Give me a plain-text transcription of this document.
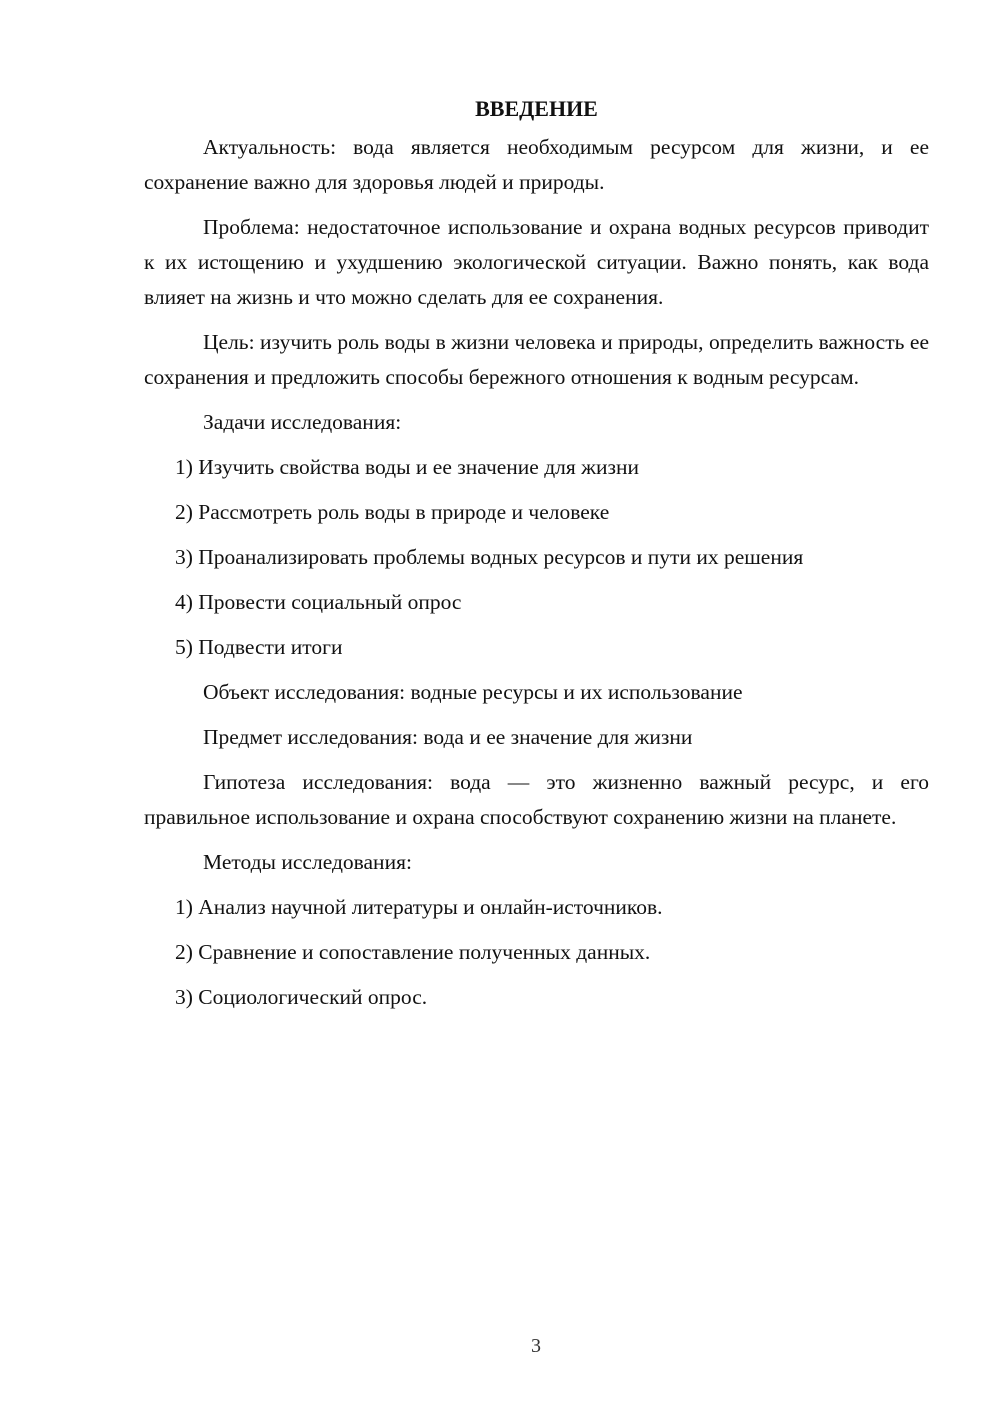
ВВЕДЕНИЕ

Актуальность: вода является необходимым ресурсом для жизни, и ее сохранение важно для здоровья людей и природы.

Проблема: недостаточное использование и охрана водных ресурсов приводит к их истощению и ухудшению экологической ситуации. Важно понять, как вода влияет на жизнь и что можно сделать для ее сохранения.

Цель: изучить роль воды в жизни человека и природы, определить важность ее сохранения и предложить способы бережного отношения к водным ресурсам.

Задачи исследования:
1) Изучить свойства воды и ее значение для жизни
2) Рассмотреть роль воды в природе и человеке
3) Проанализировать проблемы водных ресурсов и пути их решения
4) Провести социальный опрос
5) Подвести итоги
Объект исследования: водные ресурсы и их использование
Предмет исследования: вода и ее значение для жизни

Гипотеза исследования: вода — это жизненно важный ресурс, и его правильное использование и охрана способствуют сохранению жизни на планете.

Методы исследования:
1) Анализ научной литературы и онлайн-источников.
2) Сравнение и сопоставление полученных данных.
3) Социологический опрос.
3
